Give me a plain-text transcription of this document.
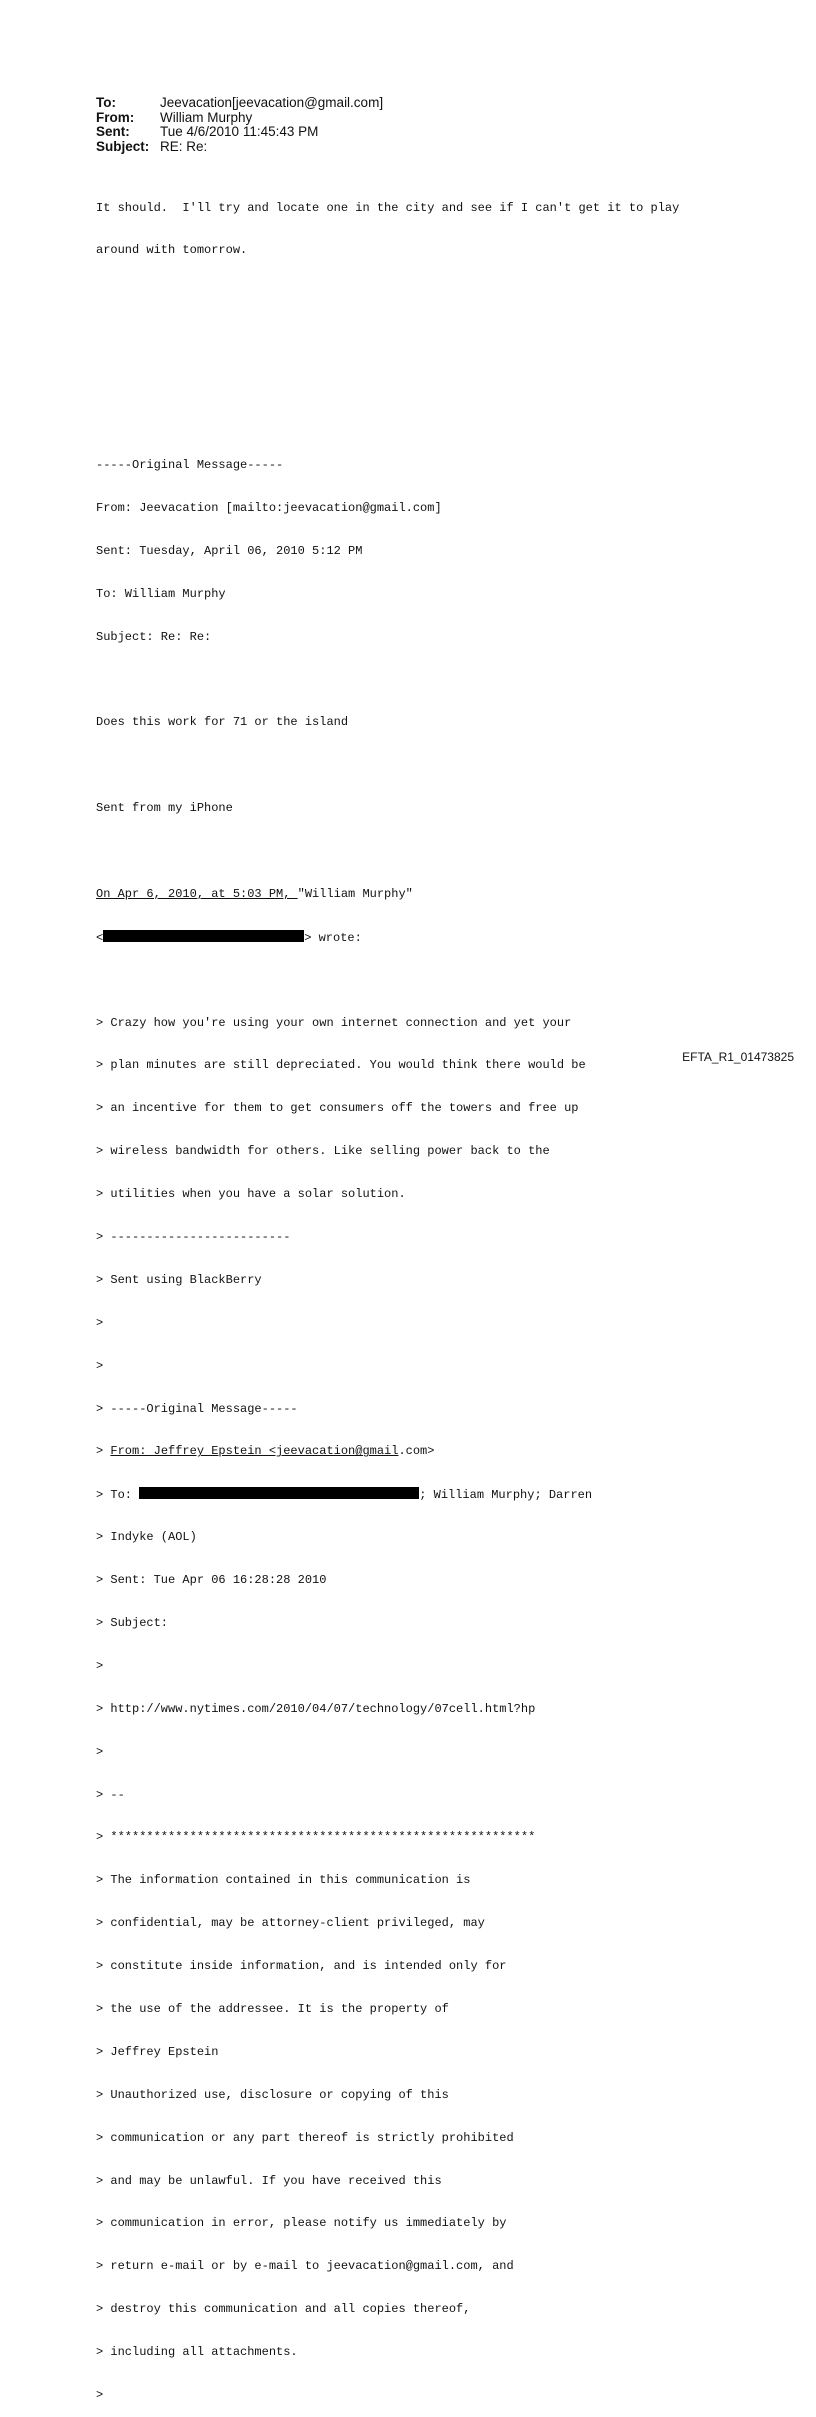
To:	Jeevacation[jeevacation@gmail.com]
From:	William Murphy
Sent:	Tue 4/6/2010 11:45:43 PM
Subject: RE: Re:

It should.  I'll try and locate one in the city and see if I can't get it to play

around with tomorrow.

-----Original Message-----

From: Jeevacation [mailto:jeevacation@gmail.com]

Sent: Tuesday, April 06, 2010 5:12 PM

To: William Murphy

Subject: Re: Re:

Does this work for 71 or the island

Sent from my iPhone

On Apr 6, 2010, at 5:03 PM, "William Murphy"

<	> wrote:

> Crazy how you're using your own internet connection and yet your

> plan minutes are still depreciated. You would think there would be

> an incentive for them to get consumers off the towers and free up

> wireless bandwidth for others. Like selling power back to the

> utilities when you have a solar solution.

> -------------------------

> Sent using BlackBerry

>

>

> -----Original Message-----

> From: Jeffrey Epstein <jeevacation@gmail.com>

> To:	; William Murphy; Darren

> Indyke (AOL)

> Sent: Tue Apr 06 16:28:28 2010

> Subject:

>

> http://www.nytimes.com/2010/04/07/technology/07cell.html?hp

>

> --

> ***********************************************************

> The information contained in this communication is

> confidential, may be attorney-client privileged, may

> constitute inside information, and is intended only for

> the use of the addressee. It is the property of

> Jeffrey Epstein

> Unauthorized use, disclosure or copying of this

> communication or any part thereof is strictly prohibited

> and may be unlawful. If you have received this

> communication in error, please notify us immediately by

> return e-mail or by e-mail to jeevacation@gmail.com, and

> destroy this communication and all copies thereof,

> including all attachments.

>

EFTA_R1_01473825
